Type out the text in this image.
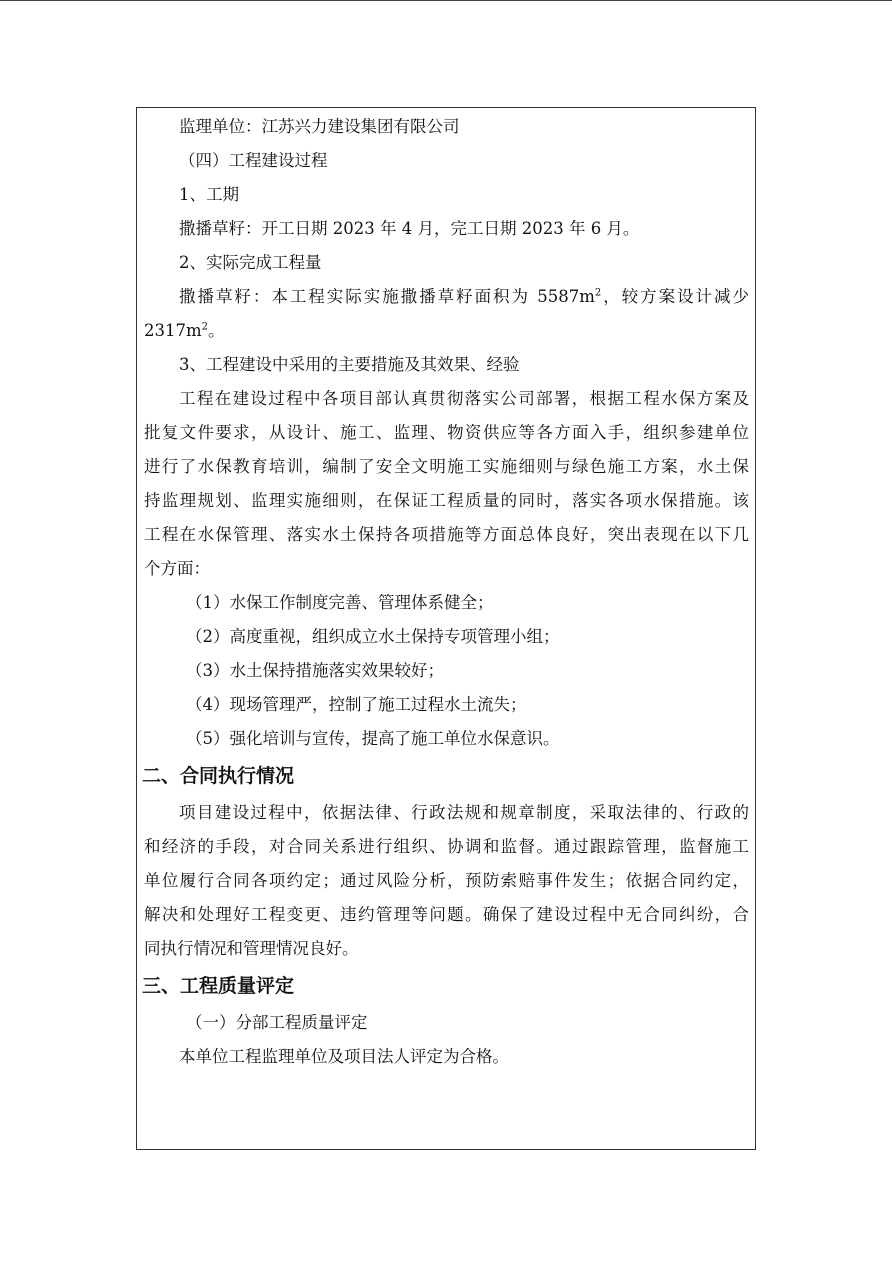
监理单位：江苏兴力建设集团有限公司
（四）工程建设过程
1、工期
撒播草籽：开工日期 2023 年 4 月，完工日期 2023 年 6 月。
2、实际完成工程量
撒播草籽：本工程实际实施撒播草籽面积为 $5587m^2$，较方案设计减少
$2317m^2$。
3、工程建设中采用的主要措施及其效果、经验
工程在建设过程中各项目部认真贯彻落实公司部署，根据工程水保方案及
批复文件要求，从设计、施工、监理、物资供应等各方面入手，组织参建单位
进行了水保教育培训，编制了安全文明施工实施细则与绿色施工方案，水土保
持监理规划、监理实施细则，在保证工程质量的同时，落实各项水保措施。该
工程在水保管理、落实水土保持各项措施等方面总体良好，突出表现在以下几
个方面：
（1）水保工作制度完善、管理体系健全；
（2）高度重视，组织成立水土保持专项管理小组；
（3）水土保持措施落实效果较好；
（4）现场管理严，控制了施工过程水土流失；
（5）强化培训与宣传，提高了施工单位水保意识。
二、合同执行情况
项目建设过程中，依据法律、行政法规和规章制度，采取法律的、行政的
和经济的手段，对合同关系进行组织、协调和监督。通过跟踪管理，监督施工
单位履行合同各项约定；通过风险分析，预防索赔事件发生；依据合同约定，
解决和处理好工程变更、违约管理等问题。确保了建设过程中无合同纠纷，合
同执行情况和管理情况良好。
三、工程质量评定
（一）分部工程质量评定
本单位工程监理单位及项目法人评定为合格。
